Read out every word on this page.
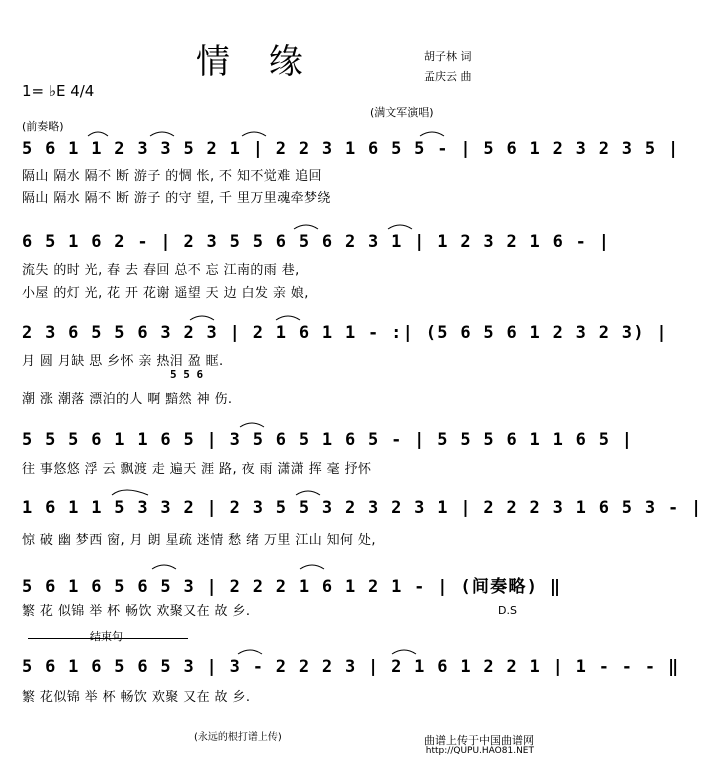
情 缘	胡子林 词
孟庆云 曲
1= ♭E 4/4
(满文军演唱)
(前奏略)
5 6 1 1 2 3 3 5 2 1 | 2 2 3 1 6 5 5 - | 5 6 1 2 3 2 3 5 |
隔山 隔水 隔不 断 游子 的惆 怅, 不 知不觉难 追回
隔山 隔水 隔不 断 游子 的守 望, 千 里万里魂牵梦绕
6 5 1 6 2 - | 2 3 5 5 6 5 6 2 3 1 | 1 2 3 2 1 6 - |
流失 的时 光, 春 去 春回 总不 忘 江南的雨 巷,
小屋 的灯 光, 花 开 花谢 遥望 天 边 白发 亲 娘,
2 3 6 5 5 6 3 2 3 | 2 1 6 1 1 - :| (5 6 5 6 1 2 3 2 3) |
月 圆 月缺 思 乡怀 亲 热泪 盈 眶.
5 5 6
潮 涨 潮落 漂泊的人 啊 黯然 神 伤.
5 5 5 6 1 1 6 5 | 3 5 6 5 1 6 5 - | 5 5 5 6 1 1 6 5 |
往 事悠悠 浮 云 飘渡 走 遍天 涯 路, 夜 雨 潇潇 挥 毫 抒怀
1 6 1 1 5 3 3 2 | 2 3 5 5 3 2 3 2 3 1 | 2 2 2 3 1 6 5 3 - |
惊 破 幽 梦西 窗, 月 朗 星疏 迷情 愁 绪 万里 江山 知何 处,
5 6 1 6 5 6 5 3 | 2 2 2 1 6 1 2 1 - | (间奏略) ‖
繁 花 似锦 举 杯 畅饮 欢聚又在 故 乡.	D.S
结束句
5 6 1 6 5 6 5 3 | 3 - 2 2 2 3 | 2 1 6 1 2 2 1 | 1 - - - ‖
繁 花似锦 举 杯 畅饮 欢聚 又在 故 乡.
(永远的根打谱上传)	曲谱上传于中国曲谱网
http://QUPU.HAO81.NET
